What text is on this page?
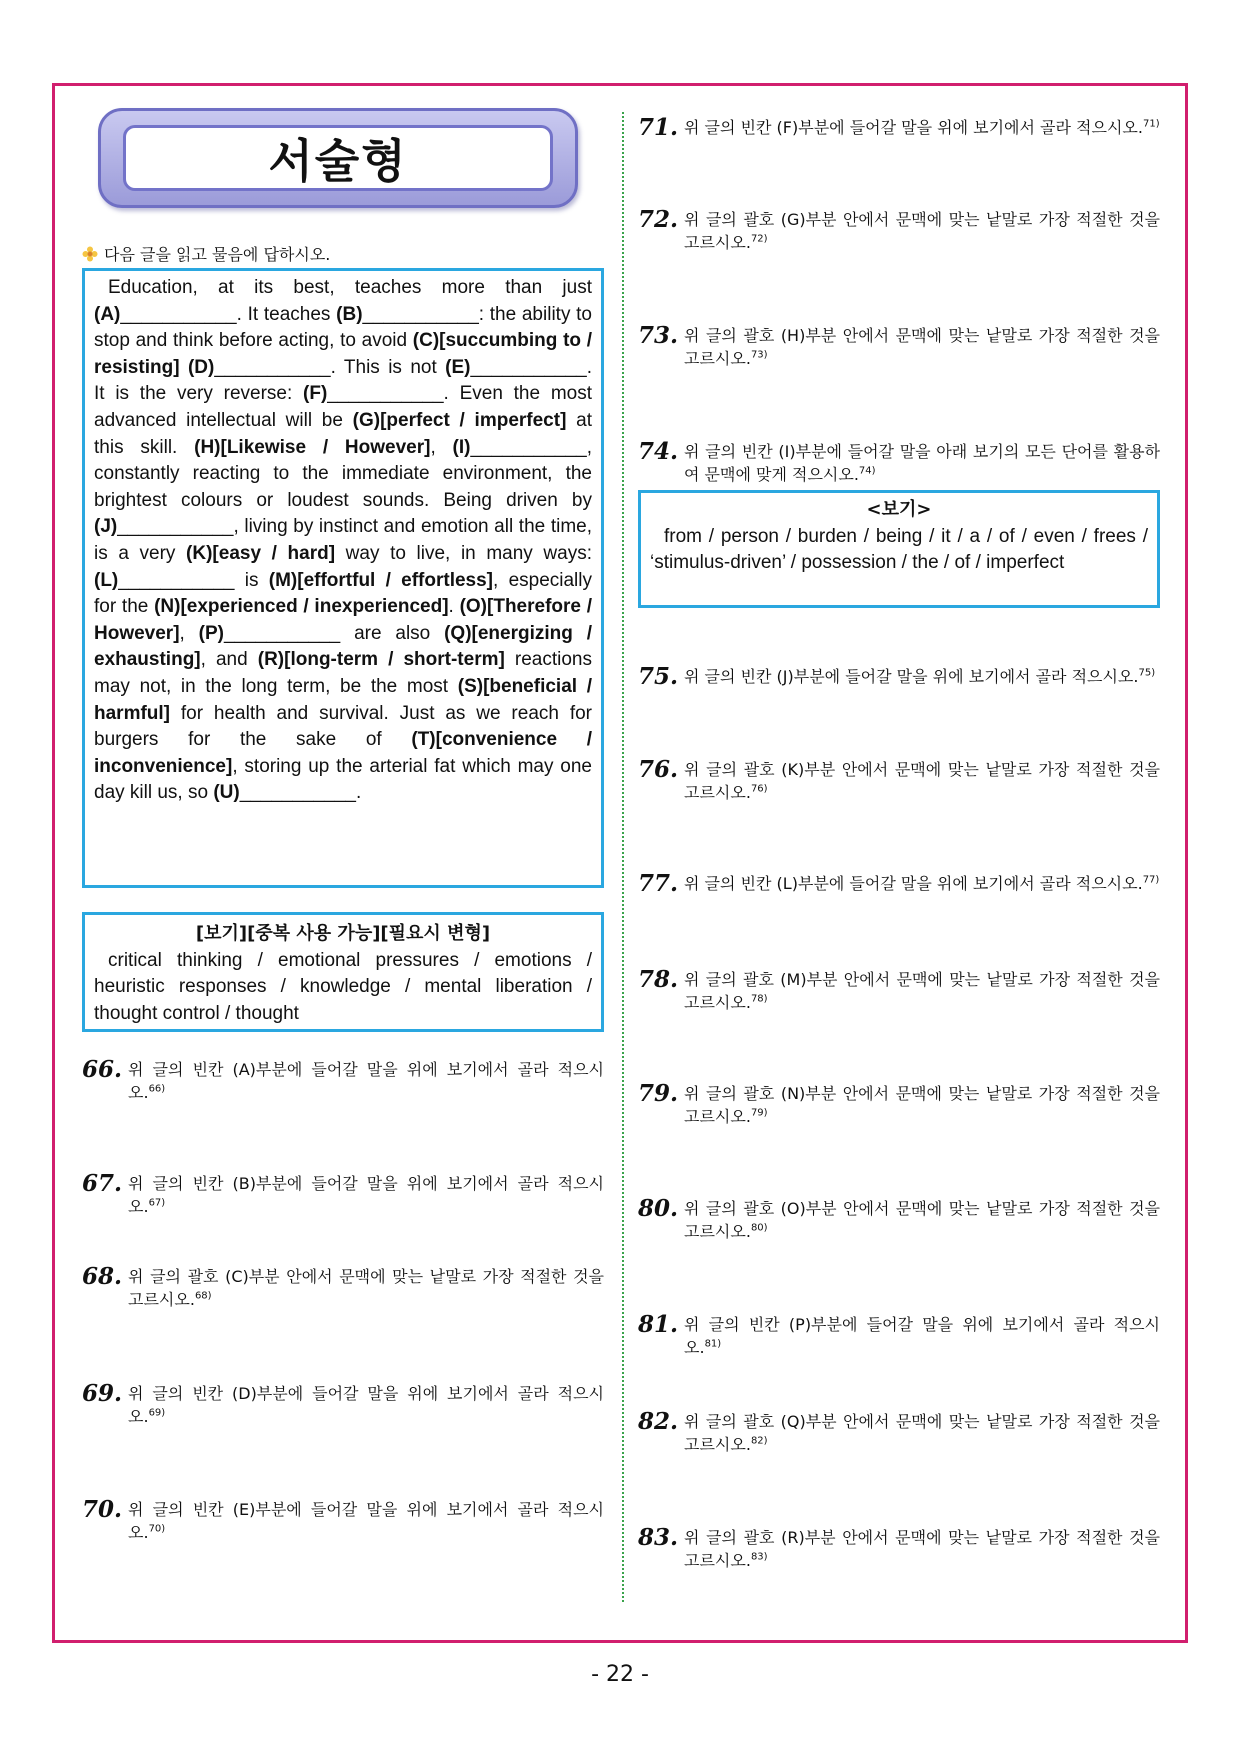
서술형
다음 글을 읽고 물음에 답하시오.

Education, at its best, teaches more than just (A)___________. It teaches (B)___________: the ability to stop and think before acting, to avoid (C)[succumbing to / resisting] (D)___________. This is not (E)___________. It is the very reverse: (F)___________. Even the most advanced intellectual will be (G)[perfect / imperfect] at this skill. (H)[Likewise / However], (I)___________, constantly reacting to the immediate environment, the brightest colours or loudest sounds. Being driven by (J)___________, living by instinct and emotion all the time, is a very (K)[easy / hard] way to live, in many ways: (L)___________ is (M)[effortful / effortless], especially for the (N)[experienced / inexperienced]. (O)[Therefore / However], (P)___________ are also (Q)[energizing / exhausting], and (R)[long-term / short-term] reactions may not, in the long term, be the most (S)[beneficial / harmful] for health and survival. Just as we reach for burgers for the sake of (T)[convenience / inconvenience], storing up the arterial fat which may one day kill us, so (U)___________.

[보기][중복 사용 가능][필요시 변형]
critical thinking / emotional pressures / emotions / heuristic responses / knowledge / mental liberation / thought control / thought
66. 위 글의 빈칸 (A)부분에 들어갈 말을 위에 보기에서 골라 적으시오.$^{66)}$
67. 위 글의 빈칸 (B)부분에 들어갈 말을 위에 보기에서 골라 적으시오.$^{67)}$
68. 위 글의 괄호 (C)부분 안에서 문맥에 맞는 낱말로 가장 적절한 것을 고르시오.$^{68)}$
69. 위 글의 빈칸 (D)부분에 들어갈 말을 위에 보기에서 골라 적으시오.$^{69)}$
70. 위 글의 빈칸 (E)부분에 들어갈 말을 위에 보기에서 골라 적으시오.$^{70)}$
<보기>
from / person / burden / being / it / a / of / even / frees / ‘stimulus-driven’ / possession / the / of / imperfect
71. 위 글의 빈칸 (F)부분에 들어갈 말을 위에 보기에서 골라 적으시오.$^{71)}$
72. 위 글의 괄호 (G)부분 안에서 문맥에 맞는 낱말로 가장 적절한 것을 고르시오.$^{72)}$
73. 위 글의 괄호 (H)부분 안에서 문맥에 맞는 낱말로 가장 적절한 것을 고르시오.$^{73)}$
74. 위 글의 빈칸 (I)부분에 들어갈 말을 아래 보기의 모든 단어를 활용하여 문맥에 맞게 적으시오.$^{74)}$
75. 위 글의 빈칸 (J)부분에 들어갈 말을 위에 보기에서 골라 적으시오.$^{75)}$
76. 위 글의 괄호 (K)부분 안에서 문맥에 맞는 낱말로 가장 적절한 것을 고르시오.$^{76)}$
77. 위 글의 빈칸 (L)부분에 들어갈 말을 위에 보기에서 골라 적으시오.$^{77)}$
78. 위 글의 괄호 (M)부분 안에서 문맥에 맞는 낱말로 가장 적절한 것을 고르시오.$^{78)}$
79. 위 글의 괄호 (N)부분 안에서 문맥에 맞는 낱말로 가장 적절한 것을 고르시오.$^{79)}$
80. 위 글의 괄호 (O)부분 안에서 문맥에 맞는 낱말로 가장 적절한 것을 고르시오.$^{80)}$
81. 위 글의 빈칸 (P)부분에 들어갈 말을 위에 보기에서 골라 적으시오.$^{81)}$
82. 위 글의 괄호 (Q)부분 안에서 문맥에 맞는 낱말로 가장 적절한 것을 고르시오.$^{82)}$
83. 위 글의 괄호 (R)부분 안에서 문맥에 맞는 낱말로 가장 적절한 것을 고르시오.$^{83)}$
- 22 -
